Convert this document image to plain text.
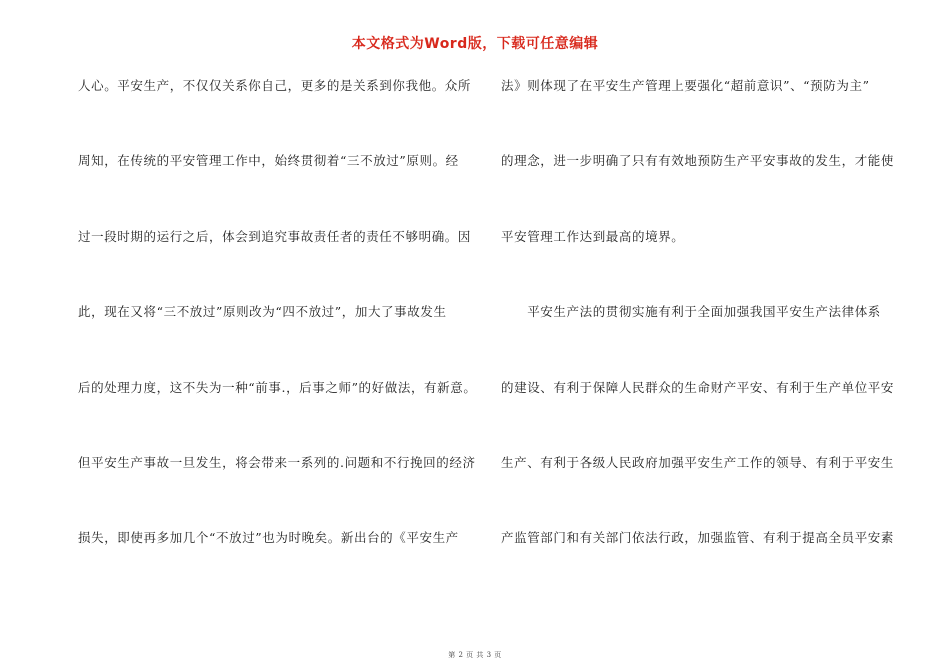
本文格式为Word版，下载可任意编辑
人心。平安生产，不仅仅关系你自己，更多的是关系到你我他。众所
周知，在传统的平安管理工作中，始终贯彻着“三不放过”原则。经
过一段时期的运行之后，体会到追究事故责任者的责任不够明确。因
此，现在又将“三不放过”原则改为“四不放过”，加大了事故发生
后的处理力度，这不失为一种“前事.，后事之师”的好做法，有新意。
但平安生产事故一旦发生，将会带来一系列的.问题和不行挽回的经济
损失，即使再多加几个“不放过”也为时晚矣。新出台的《平安生产
法》则体现了在平安生产管理上要强化“超前意识”、“预防为主”
的理念，进一步明确了只有有效地预防生产平安事故的发生，才能使
平安管理工作达到最高的境界。
　　平安生产法的贯彻实施有利于全面加强我国平安生产法律体系
的建设、有利于保障人民群众的生命财产平安、有利于生产单位平安
生产、有利于各级人民政府加强平安生产工作的领导、有利于平安生
产监管部门和有关部门依法行政，加强监管、有利于提高全员平安素
第 2 页 共 3 页
